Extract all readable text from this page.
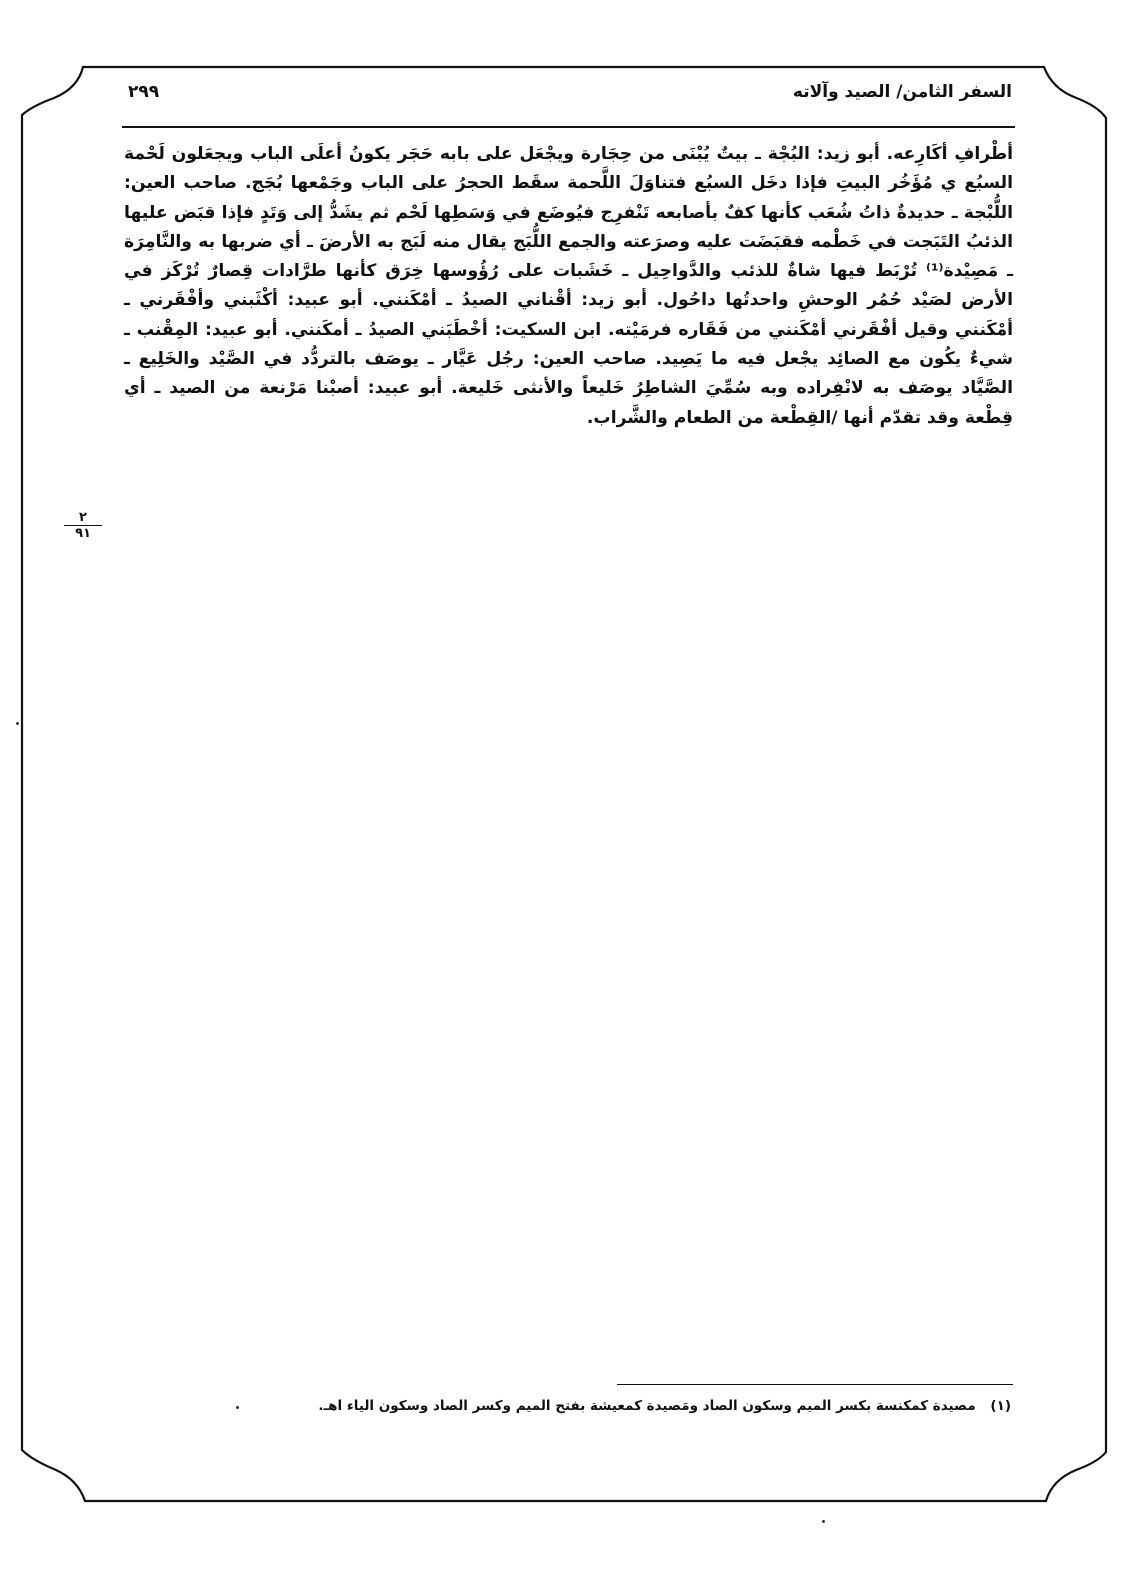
٢٩٩	السفر الثامن/ الصيد وآلاته
أطْرافِ أكَارِعه. أبو زيد: البُجْة ـ بيتٌ يُبْنَى من حِجَارة ويجْعَل على بابه حَجَر يكونُ أعلَى الباب ويجعَلون لَحْمة السبُع ي مُؤَخُر البيتِ فإذا دخَل السبُع فتناوَلَ اللَّحمة سقَط الحجرُ على الباب وجَمْعها بُجَج. صاحب العين: اللُّبْجة ـ حديدةٌ ذاتُ شُعَب كأنها كفٌ بأصابعه تَنْفرِج فيُوضَع في وَسَطِها لَحْم ثم يشَدُّ إلى وَتَدٍ فإذا قبَض عليها الذئبُ التَبَجت في خَطْمه فقبَضَت عليه وصرَعته والجمع اللُّبَج يقال منه لَبَج به الأرضَ ـ أي ضربها به والنَّامِرَة ـ مَصِيْدة⁽¹⁾ تُرْبَط فيها شاةٌ للذئب والدَّواحِيل ـ خَشَبات على رُؤُوسها خِرَق كأنها طرَّادات قِصارٌ تُرْكَز في الأرض لصَيْد حُمُر الوحشِ واحدتُها داحُول. أبو زيد: أقْناني الصيدُ ـ أمْكَنني. أبو عبيد: أكْثَبني وأفْقَرني ـ أمْكَنني وقيل أفْقَرني أمْكَنني من فَقَاره فرمَيْته. ابن السكيت: أخْطَبَني الصيدُ ـ أمكَنني. أبو عبيد: المِقْنب ـ شيءٌ يكُون مع الصائِد يجْعل فيه ما يَصِيد. صاحب العين: رجُل عَيَّار ـ يوصَف بالتردُّد في الصَّيْد والخَلِيع ـ الصَّيَّاد يوصَف به لانْفِراده وبه سُمِّيَ الشاطِرُ خَليعاً والأنثى خَليعة. أبو عبيد: أصبْنا مَرْنعة من الصيد ـ أي قِطْعة وقد تقدّم أنها /القِطْعة من الطعام والشَّراب.
٢
٩١
(١) مصيدة كمكنسة بكسر الميم وسكون الصاد ومَصيدة كمعيشة بفتح الميم وكسر الصاد وسكون الياء اهـ.
